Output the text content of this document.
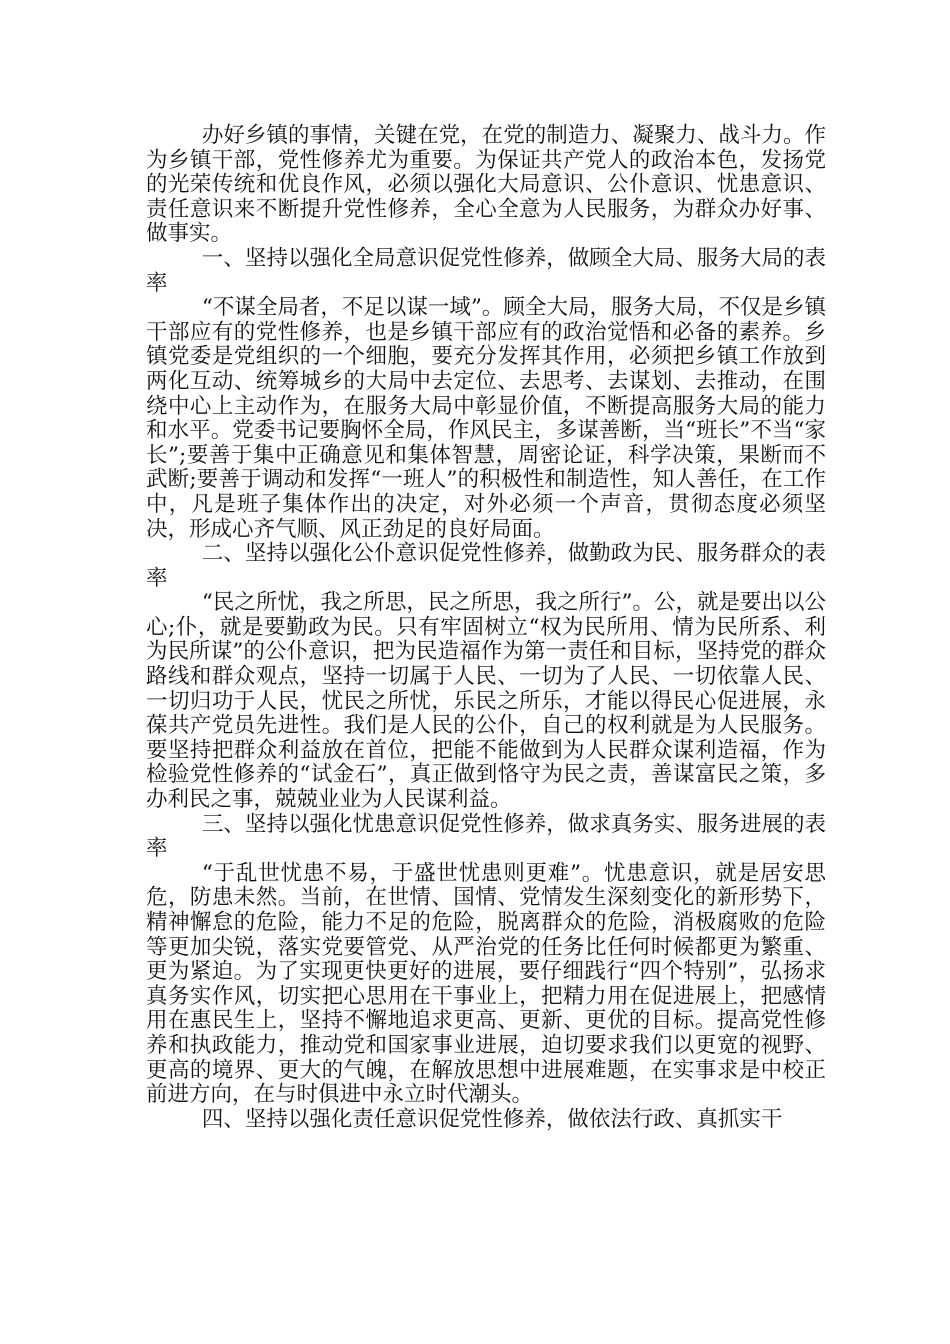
办好乡镇的事情，关键在党，在党的制造力、凝聚力、战斗力。作为乡镇干部，党性修养尤为重要。为保证共产党人的政治本色，发扬党的光荣传统和优良作风，必须以强化大局意识、公仆意识、忧患意识、责任意识来不断提升党性修养，全心全意为人民服务，为群众办好事、做事实。

一、坚持以强化全局意识促党性修养，做顾全大局、服务大局的表率

“不谋全局者，不足以谋一域”。顾全大局，服务大局，不仅是乡镇干部应有的党性修养，也是乡镇干部应有的政治觉悟和必备的素养。乡镇党委是党组织的一个细胞，要充分发挥其作用，必须把乡镇工作放到两化互动、统筹城乡的大局中去定位、去思考、去谋划、去推动，在围绕中心上主动作为，在服务大局中彰显价值，不断提高服务大局的能力和水平。党委书记要胸怀全局，作风民主，多谋善断，当“班长”不当“家长”;要善于集中正确意见和集体智慧，周密论证，科学决策，果断而不武断;要善于调动和发挥“一班人”的积极性和制造性，知人善任，在工作中，凡是班子集体作出的决定，对外必须一个声音，贯彻态度必须坚决，形成心齐气顺、风正劲足的良好局面。

二、坚持以强化公仆意识促党性修养，做勤政为民、服务群众的表率

“民之所忧，我之所思，民之所思，我之所行”。公，就是要出以公心;仆，就是要勤政为民。只有牢固树立“权为民所用、情为民所系、利为民所谋”的公仆意识，把为民造福作为第一责任和目标，坚持党的群众路线和群众观点，坚持一切属于人民、一切为了人民、一切依靠人民、一切归功于人民，忧民之所忧，乐民之所乐，才能以得民心促进展，永葆共产党员先进性。我们是人民的公仆，自己的权利就是为人民服务。要坚持把群众利益放在首位，把能不能做到为人民群众谋利造福，作为检验党性修养的“试金石”，真正做到恪守为民之责，善谋富民之策，多办利民之事，兢兢业业为人民谋利益。

三、坚持以强化忧患意识促党性修养，做求真务实、服务进展的表率

“于乱世忧患不易，于盛世忧患则更难”。忧患意识，就是居安思危，防患未然。当前，在世情、国情、党情发生深刻变化的新形势下，精神懈怠的危险，能力不足的危险，脱离群众的危险，消极腐败的危险等更加尖锐，落实党要管党、从严治党的任务比任何时候都更为繁重、更为紧迫。为了实现更快更好的进展，要仔细践行“四个特别”，弘扬求真务实作风，切实把心思用在干事业上，把精力用在促进展上，把感情用在惠民生上，坚持不懈地追求更高、更新、更优的目标。提高党性修养和执政能力，推动党和国家事业进展，迫切要求我们以更宽的视野、更高的境界、更大的气魄，在解放思想中进展难题，在实事求是中校正前进方向，在与时俱进中永立时代潮头。

四、坚持以强化责任意识促党性修养，做依法行政、真抓实干
